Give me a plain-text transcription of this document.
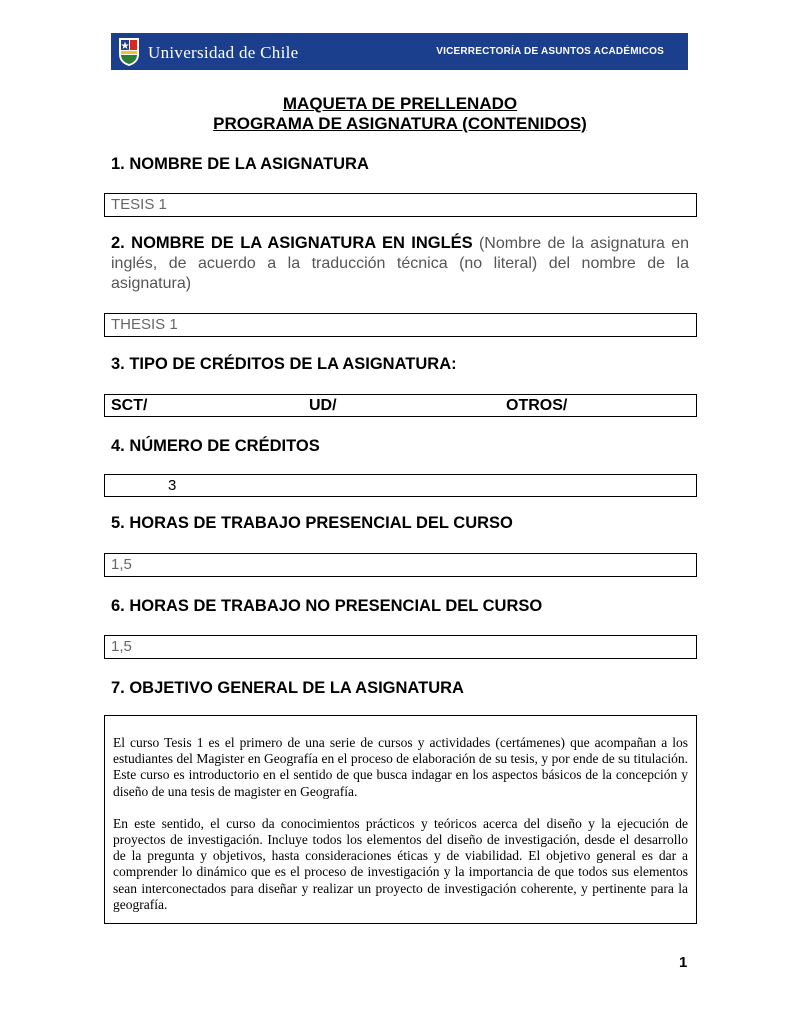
Universidad de Chile	VICERRECTORÍA DE ASUNTOS ACADÉMICOS
MAQUETA DE PRELLENADO
PROGRAMA DE ASIGNATURA (CONTENIDOS)
1. NOMBRE DE LA ASIGNATURA
TESIS 1
2. NOMBRE DE LA ASIGNATURA EN INGLÉS (Nombre de la asignatura en inglés, de acuerdo a la traducción técnica (no literal) del nombre de la asignatura)
THESIS 1
3. TIPO DE CRÉDITOS DE LA ASIGNATURA:
SCT/	UD/	OTROS/
4. NÚMERO DE CRÉDITOS
3
5. HORAS DE TRABAJO PRESENCIAL DEL CURSO
1,5
6. HORAS DE TRABAJO NO PRESENCIAL DEL CURSO
1,5
7. OBJETIVO GENERAL DE LA ASIGNATURA

El curso Tesis 1 es el primero de una serie de cursos y actividades (certámenes) que acompañan a los estudiantes del Magister en Geografía en el proceso de elaboración de su tesis, y por ende de su titulación. Este curso es introductorio en el sentido de que busca indagar en los aspectos básicos de la concepción y diseño de una tesis de magister en Geografía.

En este sentido, el curso da conocimientos prácticos y teóricos acerca del diseño y la ejecución de proyectos de investigación. Incluye todos los elementos del diseño de investigación, desde el desarrollo de la pregunta y objetivos, hasta consideraciones éticas y de viabilidad. El objetivo general es dar a comprender lo dinámico que es el proceso de investigación y la importancia de que todos sus elementos sean interconectados para diseñar y realizar un proyecto de investigación coherente, y pertinente para la geografía.

1
